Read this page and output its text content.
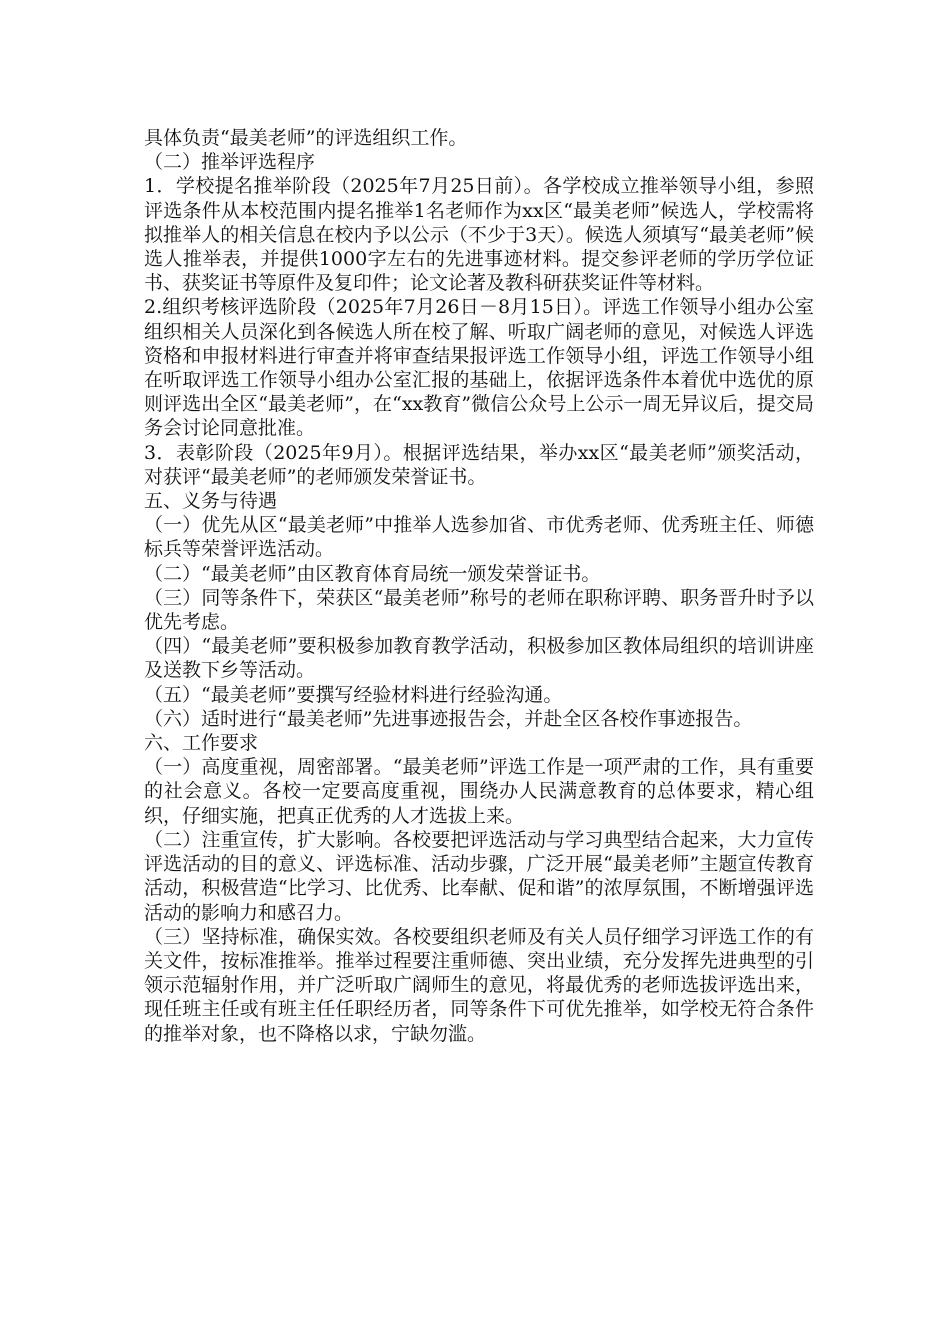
具体负责“最美老师”的评选组织工作。

（二）推举评选程序

1．学校提名推举阶段（2025年7月25日前）。各学校成立推举领导小组，参照评选条件从本校范围内提名推举1名老师作为xx区“最美老师”候选人，学校需将拟推举人的相关信息在校内予以公示（不少于3天）。候选人须填写“最美老师”候选人推举表，并提供1000字左右的先进事迹材料。提交参评老师的学历学位证书、获奖证书等原件及复印件；论文论著及教科研获奖证件等材料。

2.组织考核评选阶段（2025年7月26日－8月15日）。评选工作领导小组办公室组织相关人员深化到各候选人所在校了解、听取广阔老师的意见，对候选人评选资格和申报材料进行审查并将审查结果报评选工作领导小组，评选工作领导小组在听取评选工作领导小组办公室汇报的基础上，依据评选条件本着优中选优的原则评选出全区“最美老师”，在“xx教育”微信公众号上公示一周无异议后，提交局务会讨论同意批准。

3．表彰阶段（2025年9月）。根据评选结果，举办xx区“最美老师”颁奖活动，对获评“最美老师”的老师颁发荣誉证书。

五、义务与待遇

（一）优先从区“最美老师”中推举人选参加省、市优秀老师、优秀班主任、师德标兵等荣誉评选活动。

（二）“最美老师”由区教育体育局统一颁发荣誉证书。

（三）同等条件下，荣获区“最美老师”称号的老师在职称评聘、职务晋升时予以优先考虑。

（四）“最美老师”要积极参加教育教学活动，积极参加区教体局组织的培训讲座及送教下乡等活动。

（五）“最美老师”要撰写经验材料进行经验沟通。

（六）适时进行“最美老师”先进事迹报告会，并赴全区各校作事迹报告。

六、工作要求

（一）高度重视，周密部署。“最美老师”评选工作是一项严肃的工作，具有重要的社会意义。各校一定要高度重视，围绕办人民满意教育的总体要求，精心组织，仔细实施，把真正优秀的人才选拔上来。

（二）注重宣传，扩大影响。各校要把评选活动与学习典型结合起来，大力宣传评选活动的目的意义、评选标准、活动步骤，广泛开展“最美老师”主题宣传教育活动，积极营造“比学习、比优秀、比奉献、促和谐”的浓厚氛围，不断增强评选活动的影响力和感召力。

（三）坚持标准，确保实效。各校要组织老师及有关人员仔细学习评选工作的有关文件，按标准推举。推举过程要注重师德、突出业绩，充分发挥先进典型的引领示范辐射作用，并广泛听取广阔师生的意见，将最优秀的老师选拔评选出来，现任班主任或有班主任任职经历者，同等条件下可优先推举，如学校无符合条件的推举对象，也不降格以求，宁缺勿滥。
